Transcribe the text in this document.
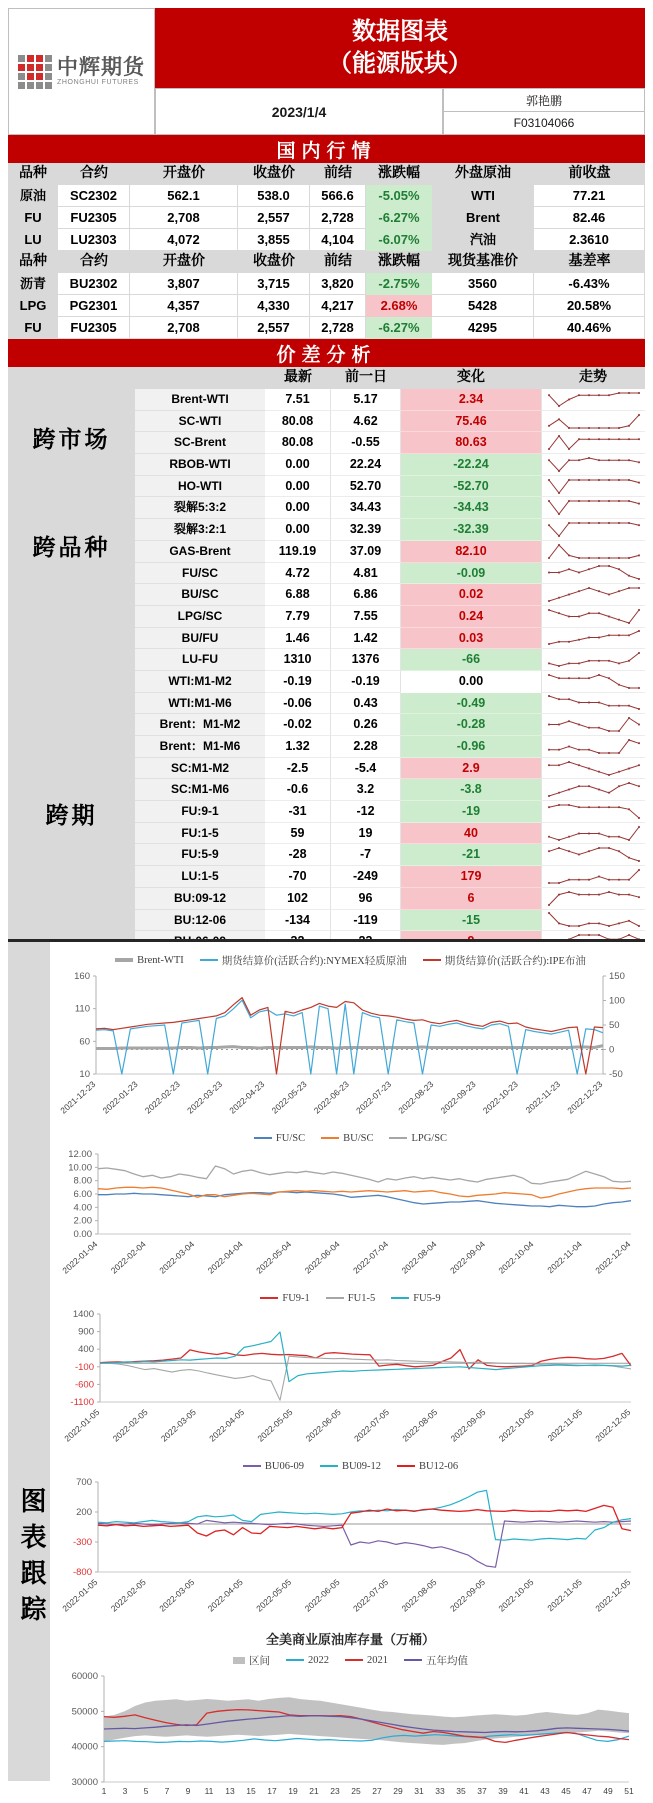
中辉期货
ZHONGHUI FUTURES
数据图表
（能源版块）
2023/1/4
郭艳鹏
F03104066
国内行情
品种	合约	开盘价	收盘价	前结	涨跌幅	外盘原油	前收盘
原油	SC2302	562.1	538.0	566.6	-5.05%	WTI	77.21
FU	FU2305	2,708	2,557	2,728	-6.27%	Brent	82.46
LU	LU2303	4,072	3,855	4,104	-6.07%	汽油	2.3610
品种	合约	开盘价	收盘价	前结	涨跌幅	现货基准价	基差率
沥青	BU2302	3,807	3,715	3,820	-2.75%	3560	-6.43%
LPG	PG2301	4,357	4,330	4,217	2.68%	5428	20.58%
FU	FU2305	2,708	2,557	2,728	-6.27%	4295	40.46%
价差分析
最新	前一日	变化	走势
Brent-WTI	7.51	5.17	2.34
SC-WTI	80.08	4.62	75.46
SC-Brent	80.08	-0.55	80.63
RBOB-WTI	0.00	22.24	-22.24
HO-WTI	0.00	52.70	-52.70
裂解5:3:2	0.00	34.43	-34.43
裂解3:2:1	0.00	32.39	-32.39
GAS-Brent	119.19	37.09	82.10
FU/SC	4.72	4.81	-0.09
BU/SC	6.88	6.86	0.02
LPG/SC	7.79	7.55	0.24
BU/FU	1.46	1.42	0.03
LU-FU	1310	1376	-66
WTI:M1-M2	-0.19	-0.19	0.00
WTI:M1-M6	-0.06	0.43	-0.49
Brent：M1-M2	-0.02	0.26	-0.28
Brent：M1-M6	1.32	2.28	-0.96
SC:M1-M2	-2.5	-5.4	2.9
SC:M1-M6	-0.6	3.2	-3.8
FU:9-1	-31	-12	-19
FU:1-5	59	19	40
FU:5-9	-28	-7	-21
LU:1-5	-70	-249	179
BU:09-12	102	96	6
BU:12-06	-134	-119	-15
跨市场
跨品种
跨期
图表跟踪
Brent-WTI	期货结算价(活跃合约):NYMEX轻质原油	期货结算价(活跃合约):IPE布油
160
110
60
10
150
100
50
0
-50
2021-12-23 2022-01-23 2022-02-23 2022-03-23 2022-04-23 2022-05-23 2022-06-23 2022-07-23 2022-08-23 2022-09-23 2022-10-23 2022-11-23 2022-12-23
FU/SC	BU/SC	LPG/SC
12.00
10.00
8.00
6.00
4.00
2.00
0.00
2022-01-04 2022-02-04 2022-03-04 2022-04-04 2022-05-04 2022-06-04 2022-07-04 2022-08-04 2022-09-04 2022-10-04 2022-11-04 2022-12-04
FU9-1	FU1-5	FU5-9
1400
900
400
-100
-600
-1100
2022-01-05 2022-02-05 2022-03-05 2022-04-05 2022-05-05 2022-06-05 2022-07-05 2022-08-05 2022-09-05 2022-10-05 2022-11-05 2022-12-05
BU06-09	BU09-12	BU12-06
700
200
-300
-800
2022-01-05 2022-02-05 2022-03-05 2022-04-05 2022-05-05 2022-06-05 2022-07-05 2022-08-05 2022-09-05 2022-10-05 2022-11-05 2022-12-05
全美商业原油库存量（万桶）
区间	2022	2021	五年均值
60000
50000
40000
30000
1 3 5 7 9 11 13 15 17 19 21 23 25 27 29 31 33 35 37 39 41 43 45 47 49 51
